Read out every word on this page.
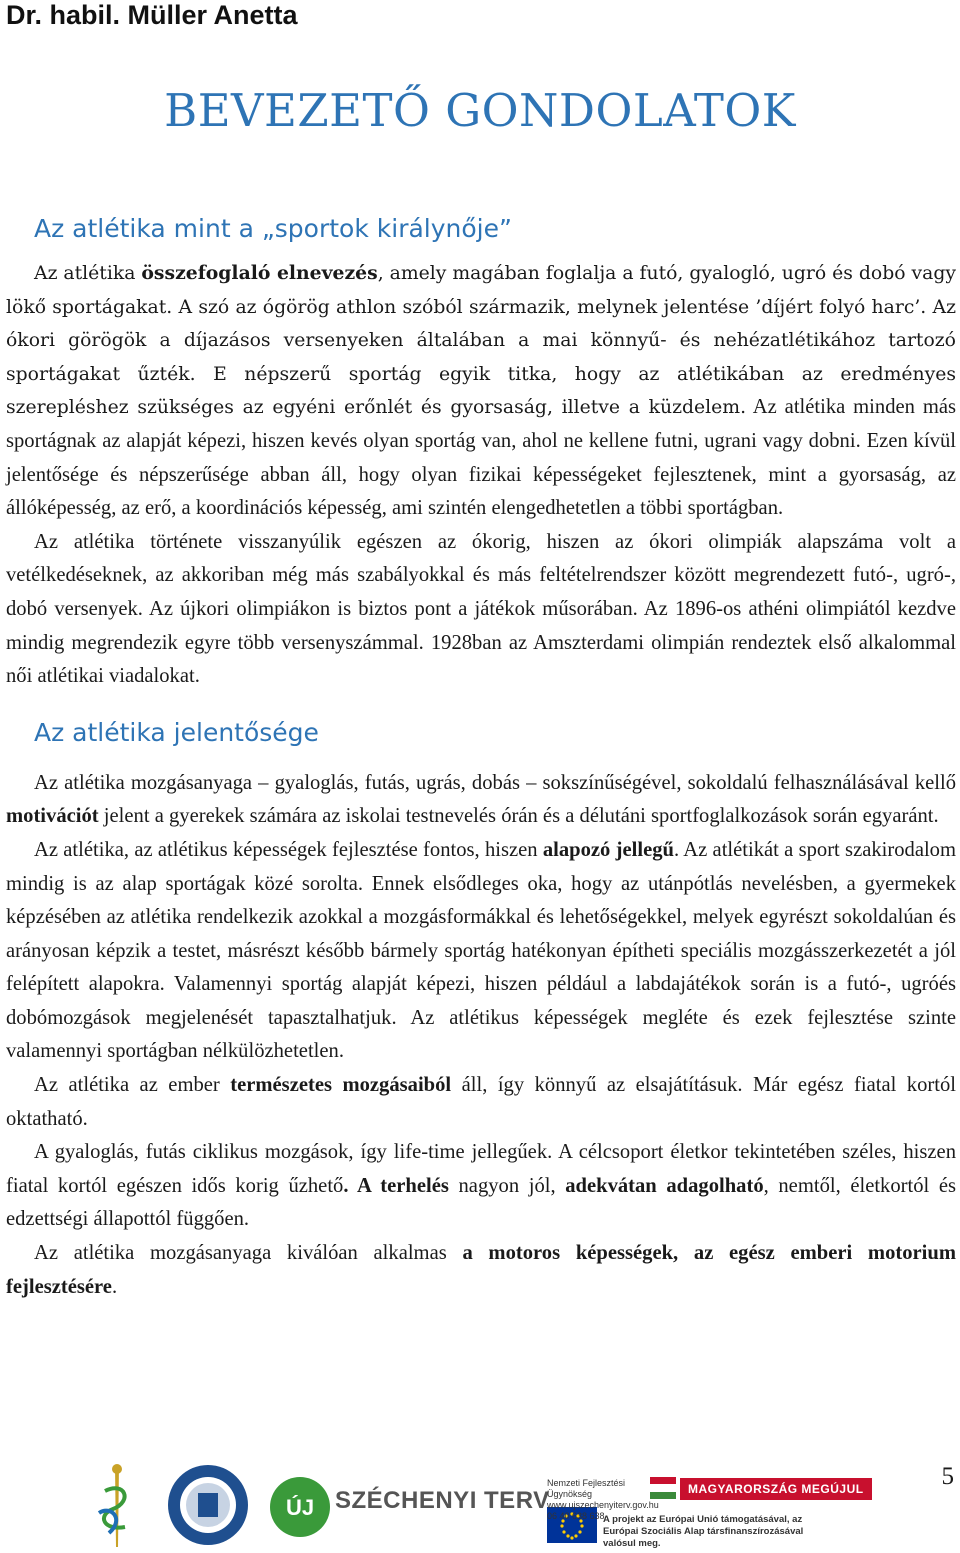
Dr. habil. Müller Anetta
BEVEZETŐ GONDOLATOK
Az atlétika mint a „sportok királynője”

Az atlétika összefoglaló elnevezés, amely magában foglalja a futó, gyalogló, ugró és dobó vagy lökő sportágakat. A szó az ógörög athlon szóból származik, melynek jelentése ’díjért folyó harc’. Az ókori görögök a díjazásos versenyeken általában a mai könnyű- és nehézatlétikához tartozó sportágakat űzték. E népszerű sportág egyik titka, hogy az atlétikában az eredményes szerepléshez szükséges az egyéni erőnlét és gyorsaság, illetve a küzdelem. Az atlétika minden más sportágnak az alapját képezi, hiszen kevés olyan sportág van, ahol ne kellene futni, ugrani vagy dobni. Ezen kívül jelentősége és népszerűsége abban áll, hogy olyan fizikai képességeket fejlesztenek, mint a gyorsaság, az állóképesség, az erő, a koordinációs képesség, ami szintén elengedhetetlen a többi sportágban.

Az atlétika története visszanyúlik egészen az ókorig, hiszen az ókori olimpiák alapszáma volt a vetélkedéseknek, az akkoriban még más szabályokkal és más feltételrendszer között megrendezett futó-, ugró-, dobó versenyek. Az újkori olimpiákon is biztos pont a játékok műsorában. Az 1896-os athéni olimpiától kezdve mindig megrendezik egyre több versenyszámmal. 1928ban az Amszterdami olimpián rendeztek első alkalommal női atlétikai viadalokat.

Az atlétika jelentősége

Az atlétika mozgásanyaga ‒ gyaloglás, futás, ugrás, dobás ‒ sokszínűségével, sokoldalú felhasználásával kellő motivációt jelent a gyerekek számára az iskolai testnevelés órán és a délutáni sportfoglalkozások során egyaránt.

Az atlétika, az atlétikus képességek fejlesztése fontos, hiszen alapozó jellegű. Az atlétikát a sport szakirodalom mindig is az alap sportágak közé sorolta. Ennek elsődleges oka, hogy az utánpótlás nevelésben, a gyermekek képzésében az atlétika rendelkezik azokkal a mozgásformákkal és lehetőségekkel, melyek egyrészt sokoldalúan és arányosan képzik a testet, másrészt később bármely sportág hatékonyan építheti speciális mozgásszerkezetét a jól felépített alapokra. Valamennyi sportág alapját képezi, hiszen például a labdajátékok során is a futó-, ugróés dobómozgások megjelenését tapasztalhatjuk. Az atlétikus képességek megléte és ezek fejlesztése szinte valamennyi sportágban nélkülözhetetlen.

Az atlétika az ember természetes mozgásaiból áll, így könnyű az elsajátításuk. Már egész fiatal kortól oktatható.

A gyaloglás, futás ciklikus mozgások, így life-time jellegűek. A célcsoport életkor tekintetében széles, hiszen fiatal kortól egészen idős korig űzhető. A terhelés nagyon jól, adekvátan adagolható, nemtől, életkortól és edzettségi állapottól függően.

Az atlétika mozgásanyaga kiválóan alkalmas a motoros képességek, az egész emberi motorium fejlesztésére.

ÚJ SZÉCHENYI TERV
Nemzeti Fejlesztési Ügynökség
www.ujszechenyiterv.gov.hu
06 40 638 638
MAGYARORSZÁG MEGÚJUL
A projekt az Európai Unió támogatásával, az Európai Szociális Alap társfinanszírozásával valósul meg.
5
